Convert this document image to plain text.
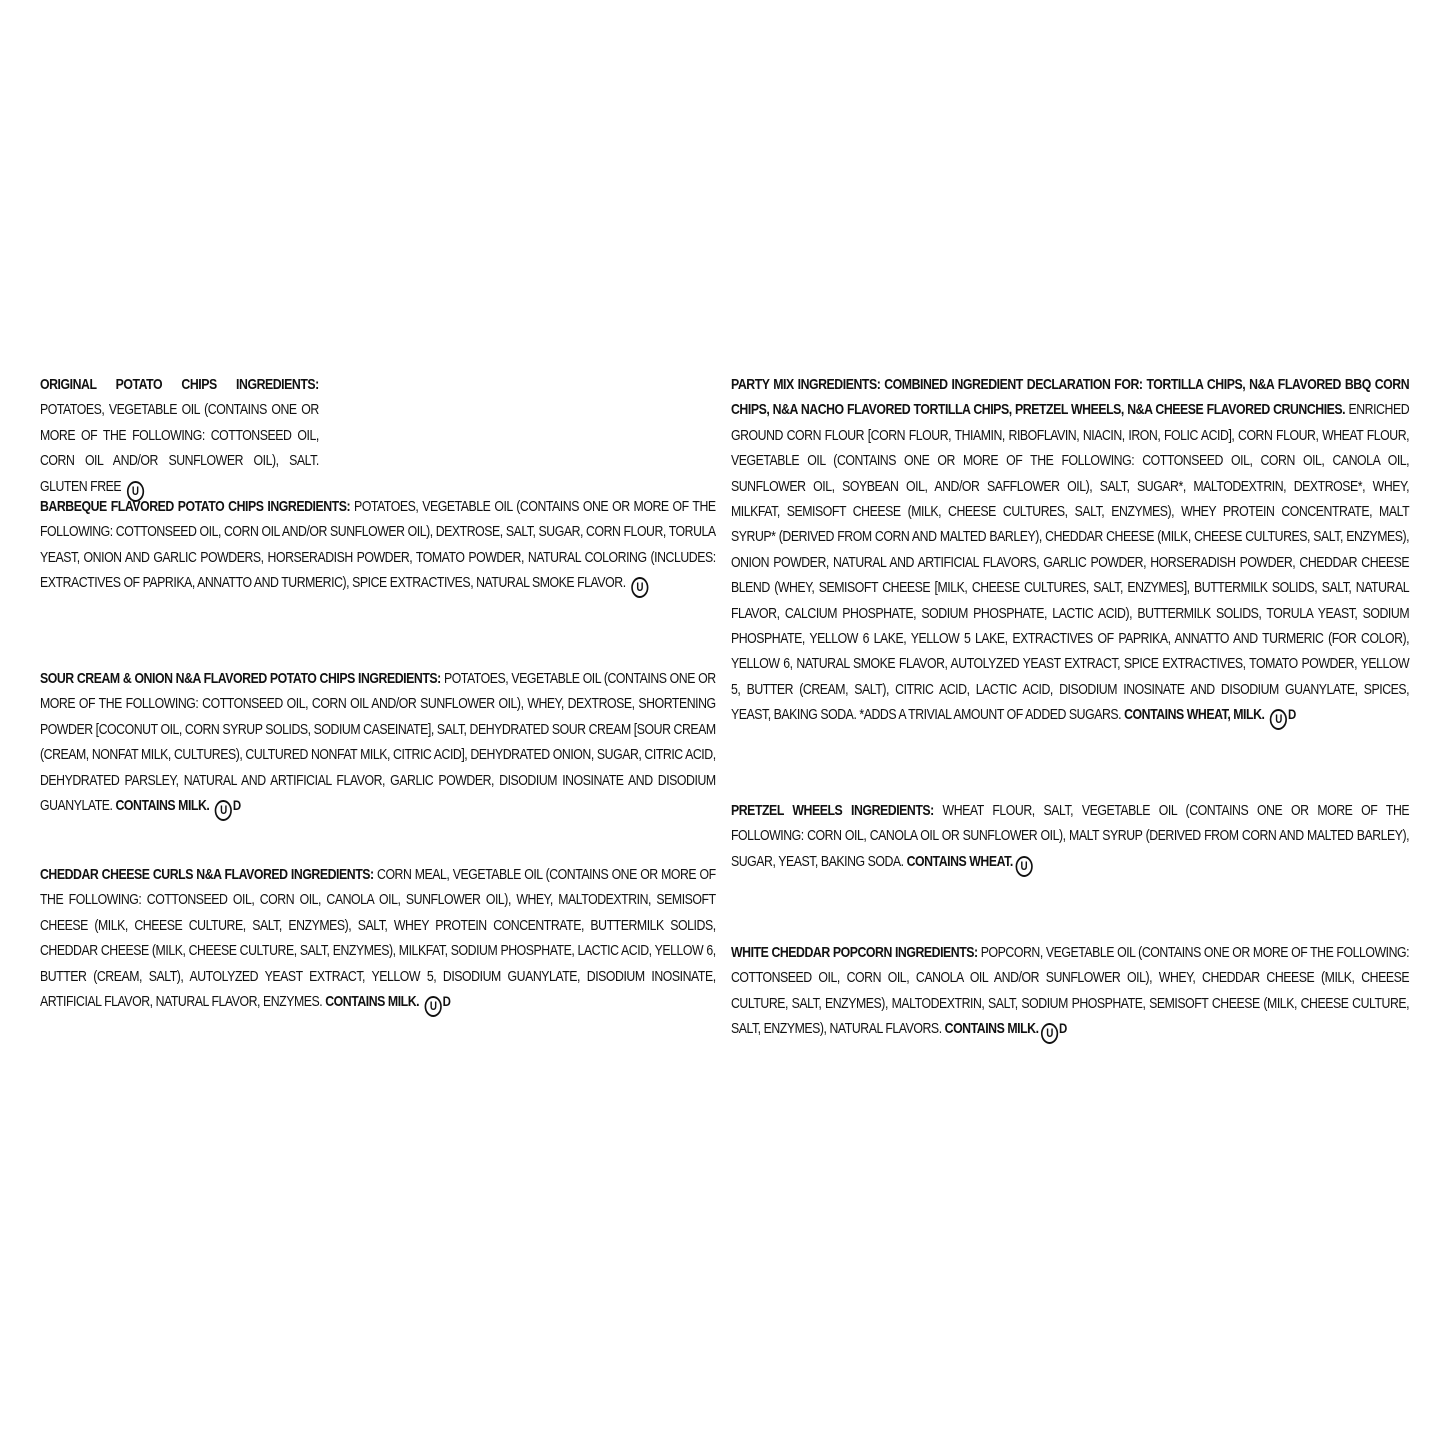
ORIGINAL POTATO CHIPS INGREDIENTS: POTATOES, VEGETABLE OIL (CONTAINS ONE OR MORE OF THE FOLLOWING: COTTONSEED OIL, CORN OIL AND/OR SUNFLOWER OIL), SALT. GLUTEN FREE U

BARBEQUE FLAVORED POTATO CHIPS INGREDIENTS: POTATOES, VEGETABLE OIL (CONTAINS ONE OR MORE OF THE FOLLOWING: COTTONSEED OIL, CORN OIL AND/OR SUNFLOWER OIL), DEXTROSE, SALT, SUGAR, CORN FLOUR, TORULA YEAST, ONION AND GARLIC POWDERS, HORSERADISH POWDER, TOMATO POWDER, NATURAL COLORING (INCLUDES: EXTRACTIVES OF PAPRIKA, ANNATTO AND TURMERIC), SPICE EXTRACTIVES, NATURAL SMOKE FLAVOR. U

SOUR CREAM & ONION N&A FLAVORED POTATO CHIPS INGREDIENTS: POTATOES, VEGETABLE OIL (CONTAINS ONE OR MORE OF THE FOLLOWING: COTTONSEED OIL, CORN OIL AND/OR SUNFLOWER OIL), WHEY, DEXTROSE, SHORTENING POWDER [COCONUT OIL, CORN SYRUP SOLIDS, SODIUM CASEINATE], SALT, DEHYDRATED SOUR CREAM [SOUR CREAM (CREAM, NONFAT MILK, CULTURES), CULTURED NONFAT MILK, CITRIC ACID], DEHYDRATED ONION, SUGAR, CITRIC ACID, DEHYDRATED PARSLEY, NATURAL AND ARTIFICIAL FLAVOR, GARLIC POWDER, DISODIUM INOSINATE AND DISODIUM GUANYLATE. CONTAINS MILK. U D

CHEDDAR CHEESE CURLS N&A FLAVORED INGREDIENTS: CORN MEAL, VEGETABLE OIL (CONTAINS ONE OR MORE OF THE FOLLOWING: COTTONSEED OIL, CORN OIL, CANOLA OIL, SUNFLOWER OIL), WHEY, MALTODEXTRIN, SEMISOFT CHEESE (MILK, CHEESE CULTURE, SALT, ENZYMES), SALT, WHEY PROTEIN CONCENTRATE, BUTTERMILK SOLIDS, CHEDDAR CHEESE (MILK, CHEESE CULTURE, SALT, ENZYMES), MILKFAT, SODIUM PHOSPHATE, LACTIC ACID, YELLOW 6, BUTTER (CREAM, SALT), AUTOLYZED YEAST EXTRACT, YELLOW 5, DISODIUM GUANYLATE, DISODIUM INOSINATE, ARTIFICIAL FLAVOR, NATURAL FLAVOR, ENZYMES. CONTAINS MILK. U D

PARTY MIX INGREDIENTS: COMBINED INGREDIENT DECLARATION FOR: TORTILLA CHIPS, N&A FLAVORED BBQ CORN CHIPS, N&A NACHO FLAVORED TORTILLA CHIPS, PRETZEL WHEELS, N&A CHEESE FLAVORED CRUNCHIES. ENRICHED GROUND CORN FLOUR [CORN FLOUR, THIAMIN, RIBOFLAVIN, NIACIN, IRON, FOLIC ACID], CORN FLOUR, WHEAT FLOUR, VEGETABLE OIL (CONTAINS ONE OR MORE OF THE FOLLOWING: COTTONSEED OIL, CORN OIL, CANOLA OIL, SUNFLOWER OIL, SOYBEAN OIL, AND/OR SAFFLOWER OIL), SALT, SUGAR*, MALTODEXTRIN, DEXTROSE*, WHEY, MILKFAT, SEMISOFT CHEESE (MILK, CHEESE CULTURES, SALT, ENZYMES), WHEY PROTEIN CONCENTRATE, MALT SYRUP* (DERIVED FROM CORN AND MALTED BARLEY), CHEDDAR CHEESE (MILK, CHEESE CULTURES, SALT, ENZYMES), ONION POWDER, NATURAL AND ARTIFICIAL FLAVORS, GARLIC POWDER, HORSERADISH POWDER, CHEDDAR CHEESE BLEND (WHEY, SEMISOFT CHEESE [MILK, CHEESE CULTURES, SALT, ENZYMES], BUTTERMILK SOLIDS, SALT, NATURAL FLAVOR, CALCIUM PHOSPHATE, SODIUM PHOSPHATE, LACTIC ACID), BUTTERMILK SOLIDS, TORULA YEAST, SODIUM PHOSPHATE, YELLOW 6 LAKE, YELLOW 5 LAKE, EXTRACTIVES OF PAPRIKA, ANNATTO AND TURMERIC (FOR COLOR), YELLOW 6, NATURAL SMOKE FLAVOR, AUTOLYZED YEAST EXTRACT, SPICE EXTRACTIVES, TOMATO POWDER, YELLOW 5, BUTTER (CREAM, SALT), CITRIC ACID, LACTIC ACID, DISODIUM INOSINATE AND DISODIUM GUANYLATE, SPICES, YEAST, BAKING SODA. *ADDS A TRIVIAL AMOUNT OF ADDED SUGARS. CONTAINS WHEAT, MILK. U D

PRETZEL WHEELS INGREDIENTS: WHEAT FLOUR, SALT, VEGETABLE OIL (CONTAINS ONE OR MORE OF THE FOLLOWING: CORN OIL, CANOLA OIL OR SUNFLOWER OIL), MALT SYRUP (DERIVED FROM CORN AND MALTED BARLEY), SUGAR, YEAST, BAKING SODA. CONTAINS WHEAT. U

WHITE CHEDDAR POPCORN INGREDIENTS: POPCORN, VEGETABLE OIL (CONTAINS ONE OR MORE OF THE FOLLOWING: COTTONSEED OIL, CORN OIL, CANOLA OIL AND/OR SUNFLOWER OIL), WHEY, CHEDDAR CHEESE (MILK, CHEESE CULTURE, SALT, ENZYMES), MALTODEXTRIN, SALT, SODIUM PHOSPHATE, SEMISOFT CHEESE (MILK, CHEESE CULTURE, SALT, ENZYMES), NATURAL FLAVORS. CONTAINS MILK. U D
